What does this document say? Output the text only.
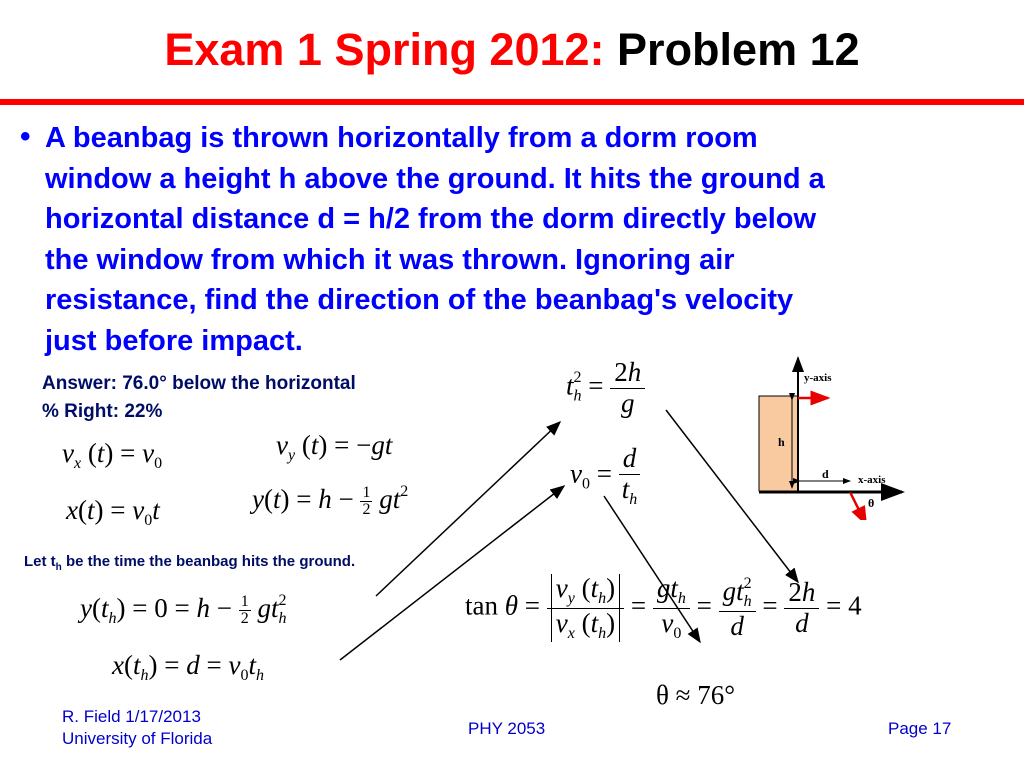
Exam 1 Spring 2012: Problem 12
• A beanbag is thrown horizontally from a dorm room
window a height h above the ground. It hits the ground a
horizontal distance d = h/2 from the dorm directly below
the window from which it was thrown. Ignoring air
resistance, find the direction of the beanbag's velocity
just before impact.
Answer: 76.0° below the horizontal
% Right: 22%
$v_x$ $(t) = v_0$
$x(t) = v_0t$
$v_y$ (t) = −gt
$y(t) = h - \frac{1}{2} gt^2$
Let $t_h$ be the time the beanbag hits the ground.
$y(t_h) = 0 = h - \frac{1}{2} gt_h^2$
$x(t_h) = d = v_0t_h$
$t_h^2 = \frac{2h}{g}$
$v_0 = \frac{d}{t_h}$
$\tan \theta = \frac{v_y (t_h)}{v_x (t_h)} = \frac{gt_h}{v_0} = \frac{gt_h^2}{d} = \frac{2h}{d} = 4$
θ ≈ 76°
y-axis
x-axis
h
d
θ
R. Field 1/17/2013
University of Florida
PHY 2053	Page 17
